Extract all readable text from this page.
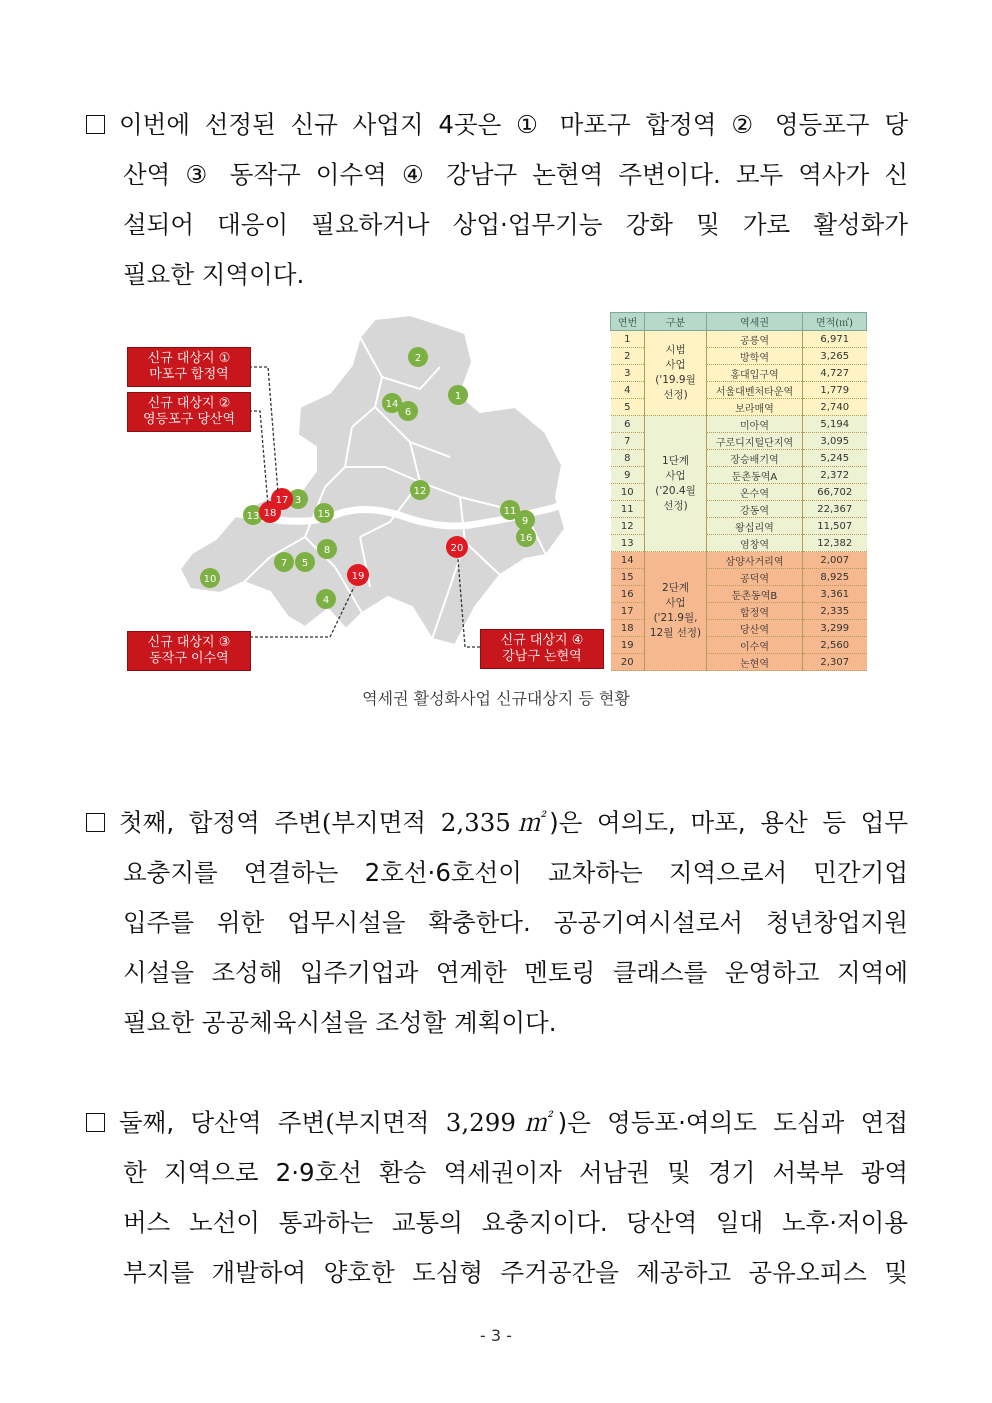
이번에 선정된 신규 사업지 4곳은 ① 마포구 합정역 ② 영등포구 당
산역 ③ 동작구 이수역 ④ 강남구 논현역 주변이다. 모두 역사가 신
설되어 대응이 필요하거나 상업·업무기능 강화 및 가로 활성화가
필요한 지역이다.
2
1
14
6
3
12
15
13	11
9
16
8
7 5
10
4
17
18
20
19
신규 대상지 ①
마포구 합정역
신규 대상지 ②
영등포구 당산역
신규 대상지 ③
동작구 이수역
신규 대상지 ④
강남구 논현역
연번	구분	역세권	면적(㎡)
1	시범
사업
('19.9월
선정)	공릉역	6,971
2		방학역	3,265
3		홍대입구역	4,727
4		서울대벤처타운역	1,779
5		보라매역	2,740
6	1단계
사업
('20.4월
선정)	미아역	5,194
7		구로디지털단지역	3,095
8		장승배기역	5,245
9		둔촌동역A	2,372
10		온수역	66,702
11		강동역	22,367
12		왕십리역	11,507
13		염창역	12,382
14	2단계
사업
('21.9월,
12월 선정)	삼양사거리역	2,007
15		공덕역	8,925
16		둔촌동역B	3,361
17		합정역	2,335
18		당산역	3,299
19		이수역	2,560
20		논현역	2,307
역세권 활성화사업 신규대상지 등 현황
첫째, 합정역 주변(부지면적 2,335㎡)은 여의도, 마포, 용산 등 업무
요충지를 연결하는 2호선·6호선이 교차하는 지역으로서 민간기업
입주를 위한 업무시설을 확충한다. 공공기여시설로서 청년창업지원
시설을 조성해 입주기업과 연계한 멘토링 클래스를 운영하고 지역에
필요한 공공체육시설을 조성할 계획이다.
둘째, 당산역 주변(부지면적 3,299㎡)은 영등포·여의도 도심과 연접
한 지역으로 2·9호선 환승 역세권이자 서남권 및 경기 서북부 광역
버스 노선이 통과하는 교통의 요충지이다. 당산역 일대 노후·저이용
부지를 개발하여 양호한 도심형 주거공간을 제공하고 공유오피스 및
- 3 -
